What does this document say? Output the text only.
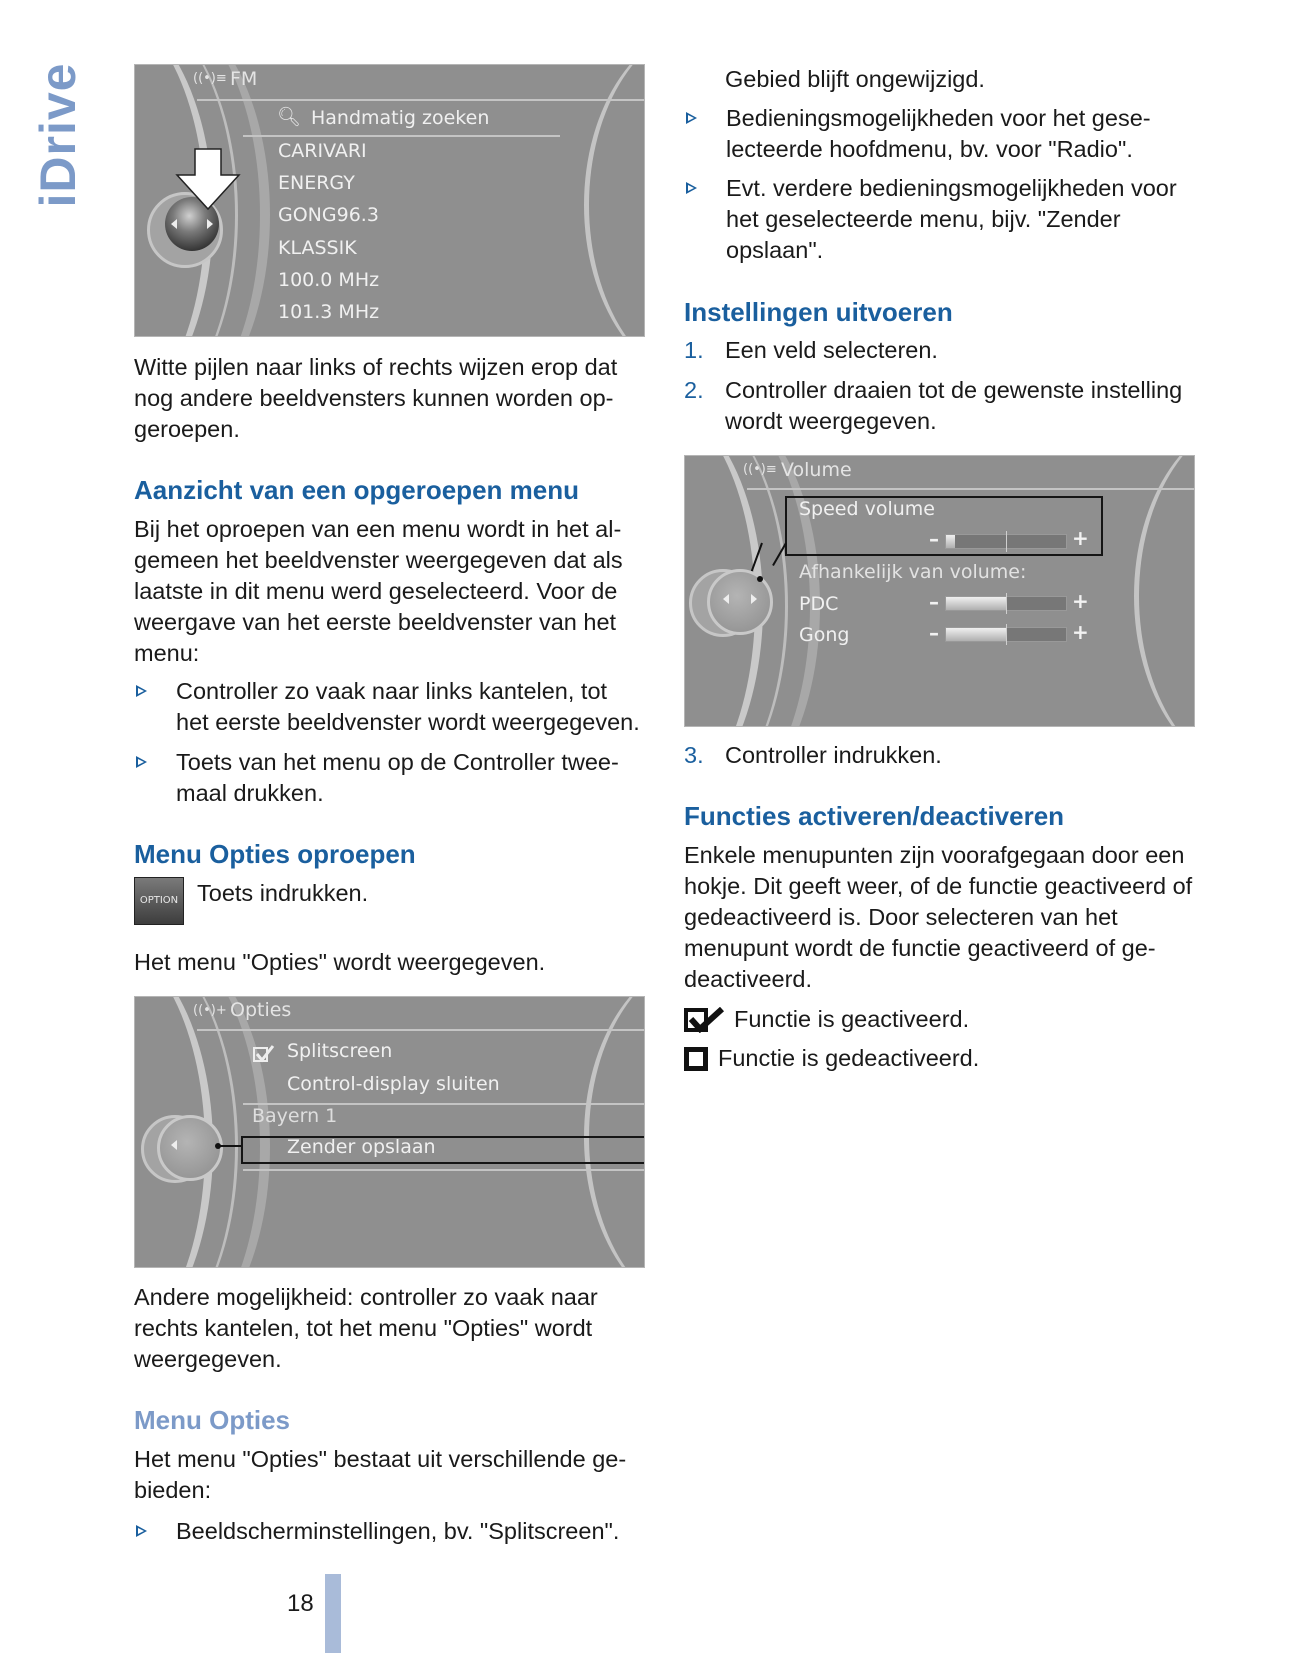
iDrive	((•)≡ FM
🔍︎ Handmatig zoeken
CARIVARI
ENERGY
GONG96.3
KLASSIK
100.0 MHz
101.3 MHz

Witte pijlen naar links of rechts wijzen erop dat nog andere beeldvensters kunnen worden op-geroepen.

Aanzicht van een opgeroepen menu

Bij het oproepen van een menu wordt in het al-gemeen het beeldvenster weergegeven dat als laatste in dit menu werd geselecteerd. Voor de weergave van het eerste beeldvenster van het menu:

Controller zo vaak naar links kantelen, tot het eerste beeldvenster wordt weergegeven.
Toets van het menu op de Controller twee-maal drukken.
Menu Opties oproepen
OPTION Toets indrukken.

Het menu "Opties" wordt weergegeven.

((•)+ Opties
Splitscreen
Control-display sluiten
Bayern 1
Zender opslaan

Andere mogelijkheid: controller zo vaak naar rechts kantelen, tot het menu "Opties" wordt weergegeven.

Menu Opties

Het menu "Opties" bestaat uit verschillende ge-bieden:

Beeldscherminstellingen, bv. "Splitscreen".

Gebied blijft ongewijzigd.

Bedieningsmogelijkheden voor het gese-lecteerde hoofdmenu, bv. voor "Radio".
Evt. verdere bedieningsmogelijkheden voor het geselecteerde menu, bijv. "Zender opslaan".
Instellingen uitvoeren
1. Een veld selecteren.
2. Controller draaien tot de gewenste instelling wordt weergegeven.
((•)≡ Volume
Speed volume
–	+
Afhankelijk van volume:
PDC	–	+
Gong	–	+
3. Controller indrukken.
Functies activeren/deactiveren

Enkele menupunten zijn voorafgegaan door een hokje. Dit geeft weer, of de functie geactiveerd of gedeactiveerd is. Door selecteren van het menupunt wordt de functie geactiveerd of ge-deactiveerd.

Functie is geactiveerd.

Functie is gedeactiveerd.

18
